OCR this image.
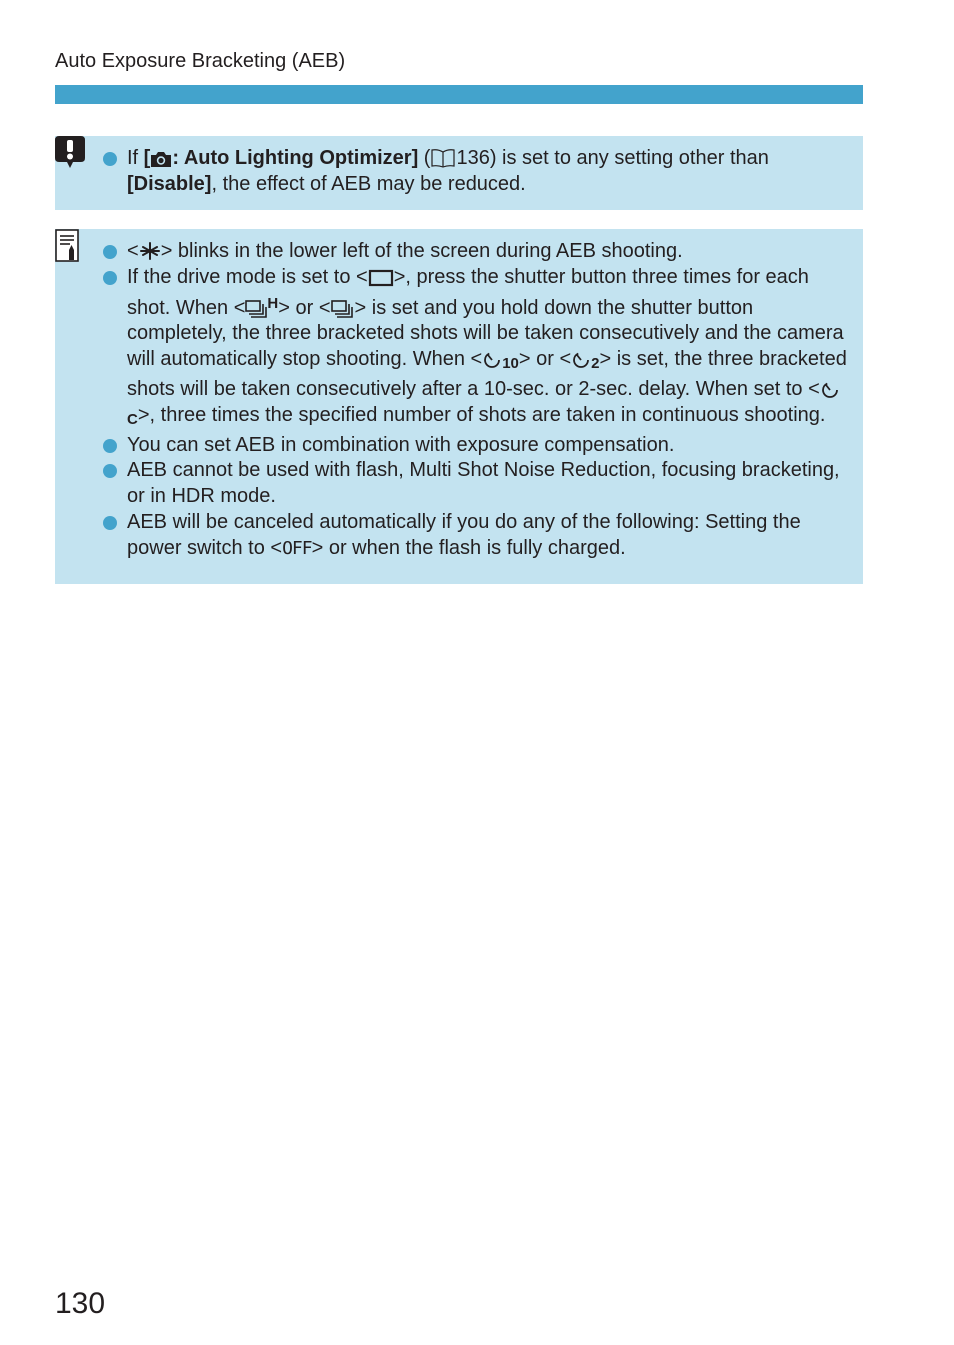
Auto Exposure Bracketing (AEB)
If [ : Auto Lighting Optimizer] ( 136) is set to any setting other than [Disable], the effect of AEB may be reduced.
< > blinks in the lower left of the screen during AEB shooting.
If the drive mode is set to < >, press the shutter button three times for each shot. When < $^H$> or < > is set and you hold down the shutter button completely, the three bracketed shots will be taken consecutively and the camera will automatically stop shooting. When < 10> or < 2> is set, the three bracketed shots will be taken consecutively after a 10-sec. or 2-sec. delay. When set to <C>, three times the specified number of shots are taken in continuous shooting.
You can set AEB in combination with exposure compensation.
AEB cannot be used with flash, Multi Shot Noise Reduction, focusing bracketing, or in HDR mode.
AEB will be canceled automatically if you do any of the following: Setting the power switch to <OFF> or when the flash is fully charged.
130
